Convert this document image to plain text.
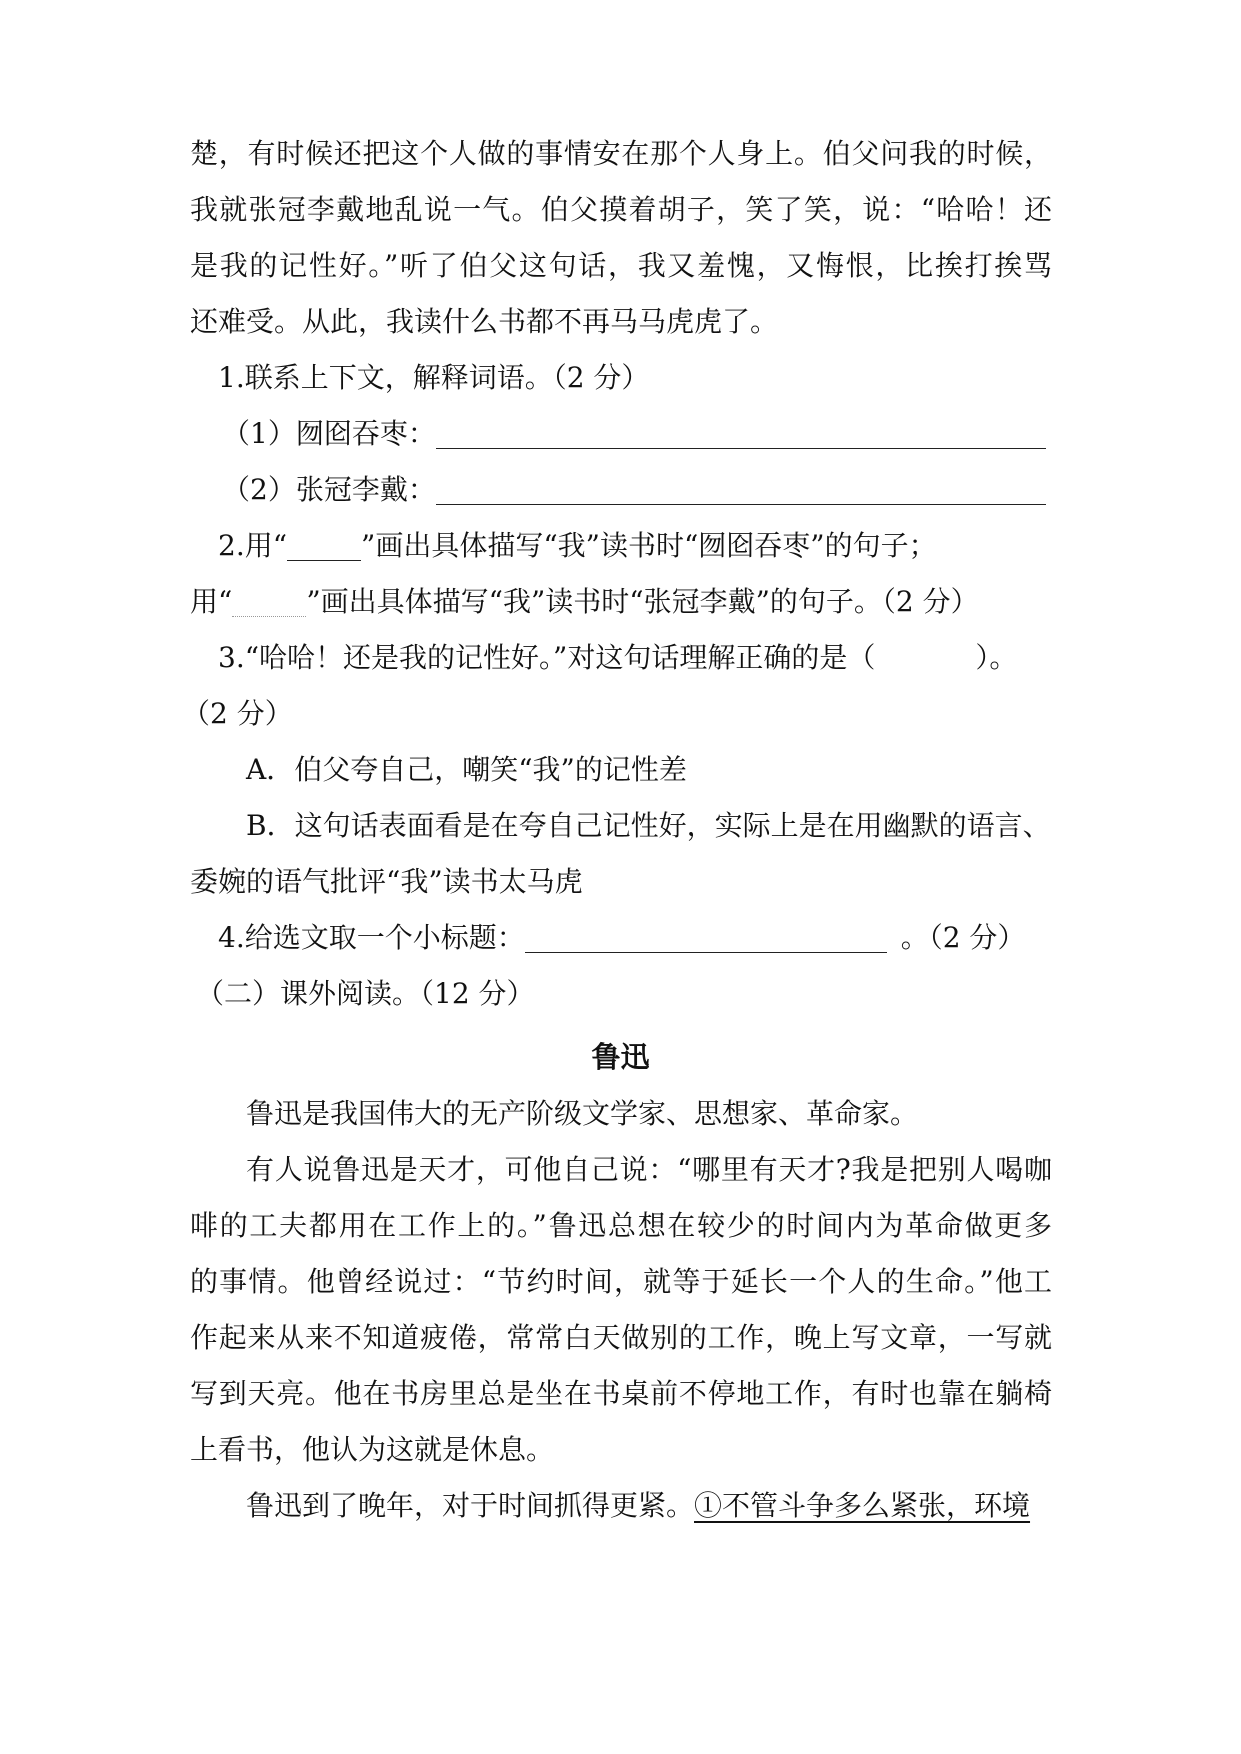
楚，有时候还把这个人做的事情安在那个人身上。伯父问我的时候，
我就张冠李戴地乱说一气。伯父摸着胡子，笑了笑，说：“哈哈！还
是我的记性好。”听了伯父这句话，我又羞愧，又悔恨，比挨打挨骂
还难受。从此，我读什么书都不再马马虎虎了。
1.联系上下文，解释词语。（2 分）
（1）囫囵吞枣：
（2）张冠李戴：
2.用“	”画出具体描写“我”读书时“囫囵吞枣”的句子；
用“	”画出具体描写“我”读书时“张冠李戴”的句子。（2 分）
3.“哈哈！还是我的记性好。”对这句话理解正确的是（	）。
（2 分）
A．伯父夸自己，嘲笑“我”的记性差
B．这句话表面看是在夸自己记性好，实际上是在用幽默的语言、
委婉的语气批评“我”读书太马虎
4.给选文取一个小标题：	。（2 分）
（二）课外阅读。（12 分）
鲁迅
鲁迅是我国伟大的无产阶级文学家、思想家、革命家。
有人说鲁迅是天才，可他自己说：“哪里有天才?我是把别人喝咖
啡的工夫都用在工作上的。”鲁迅总想在较少的时间内为革命做更多
的事情。他曾经说过：“节约时间，就等于延长一个人的生命。”他工
作起来从来不知道疲倦，常常白天做别的工作，晚上写文章，一写就
写到天亮。他在书房里总是坐在书桌前不停地工作，有时也靠在躺椅
上看书，他认为这就是休息。
鲁迅到了晚年，对于时间抓得更紧。①不管斗争多么紧张，环境
